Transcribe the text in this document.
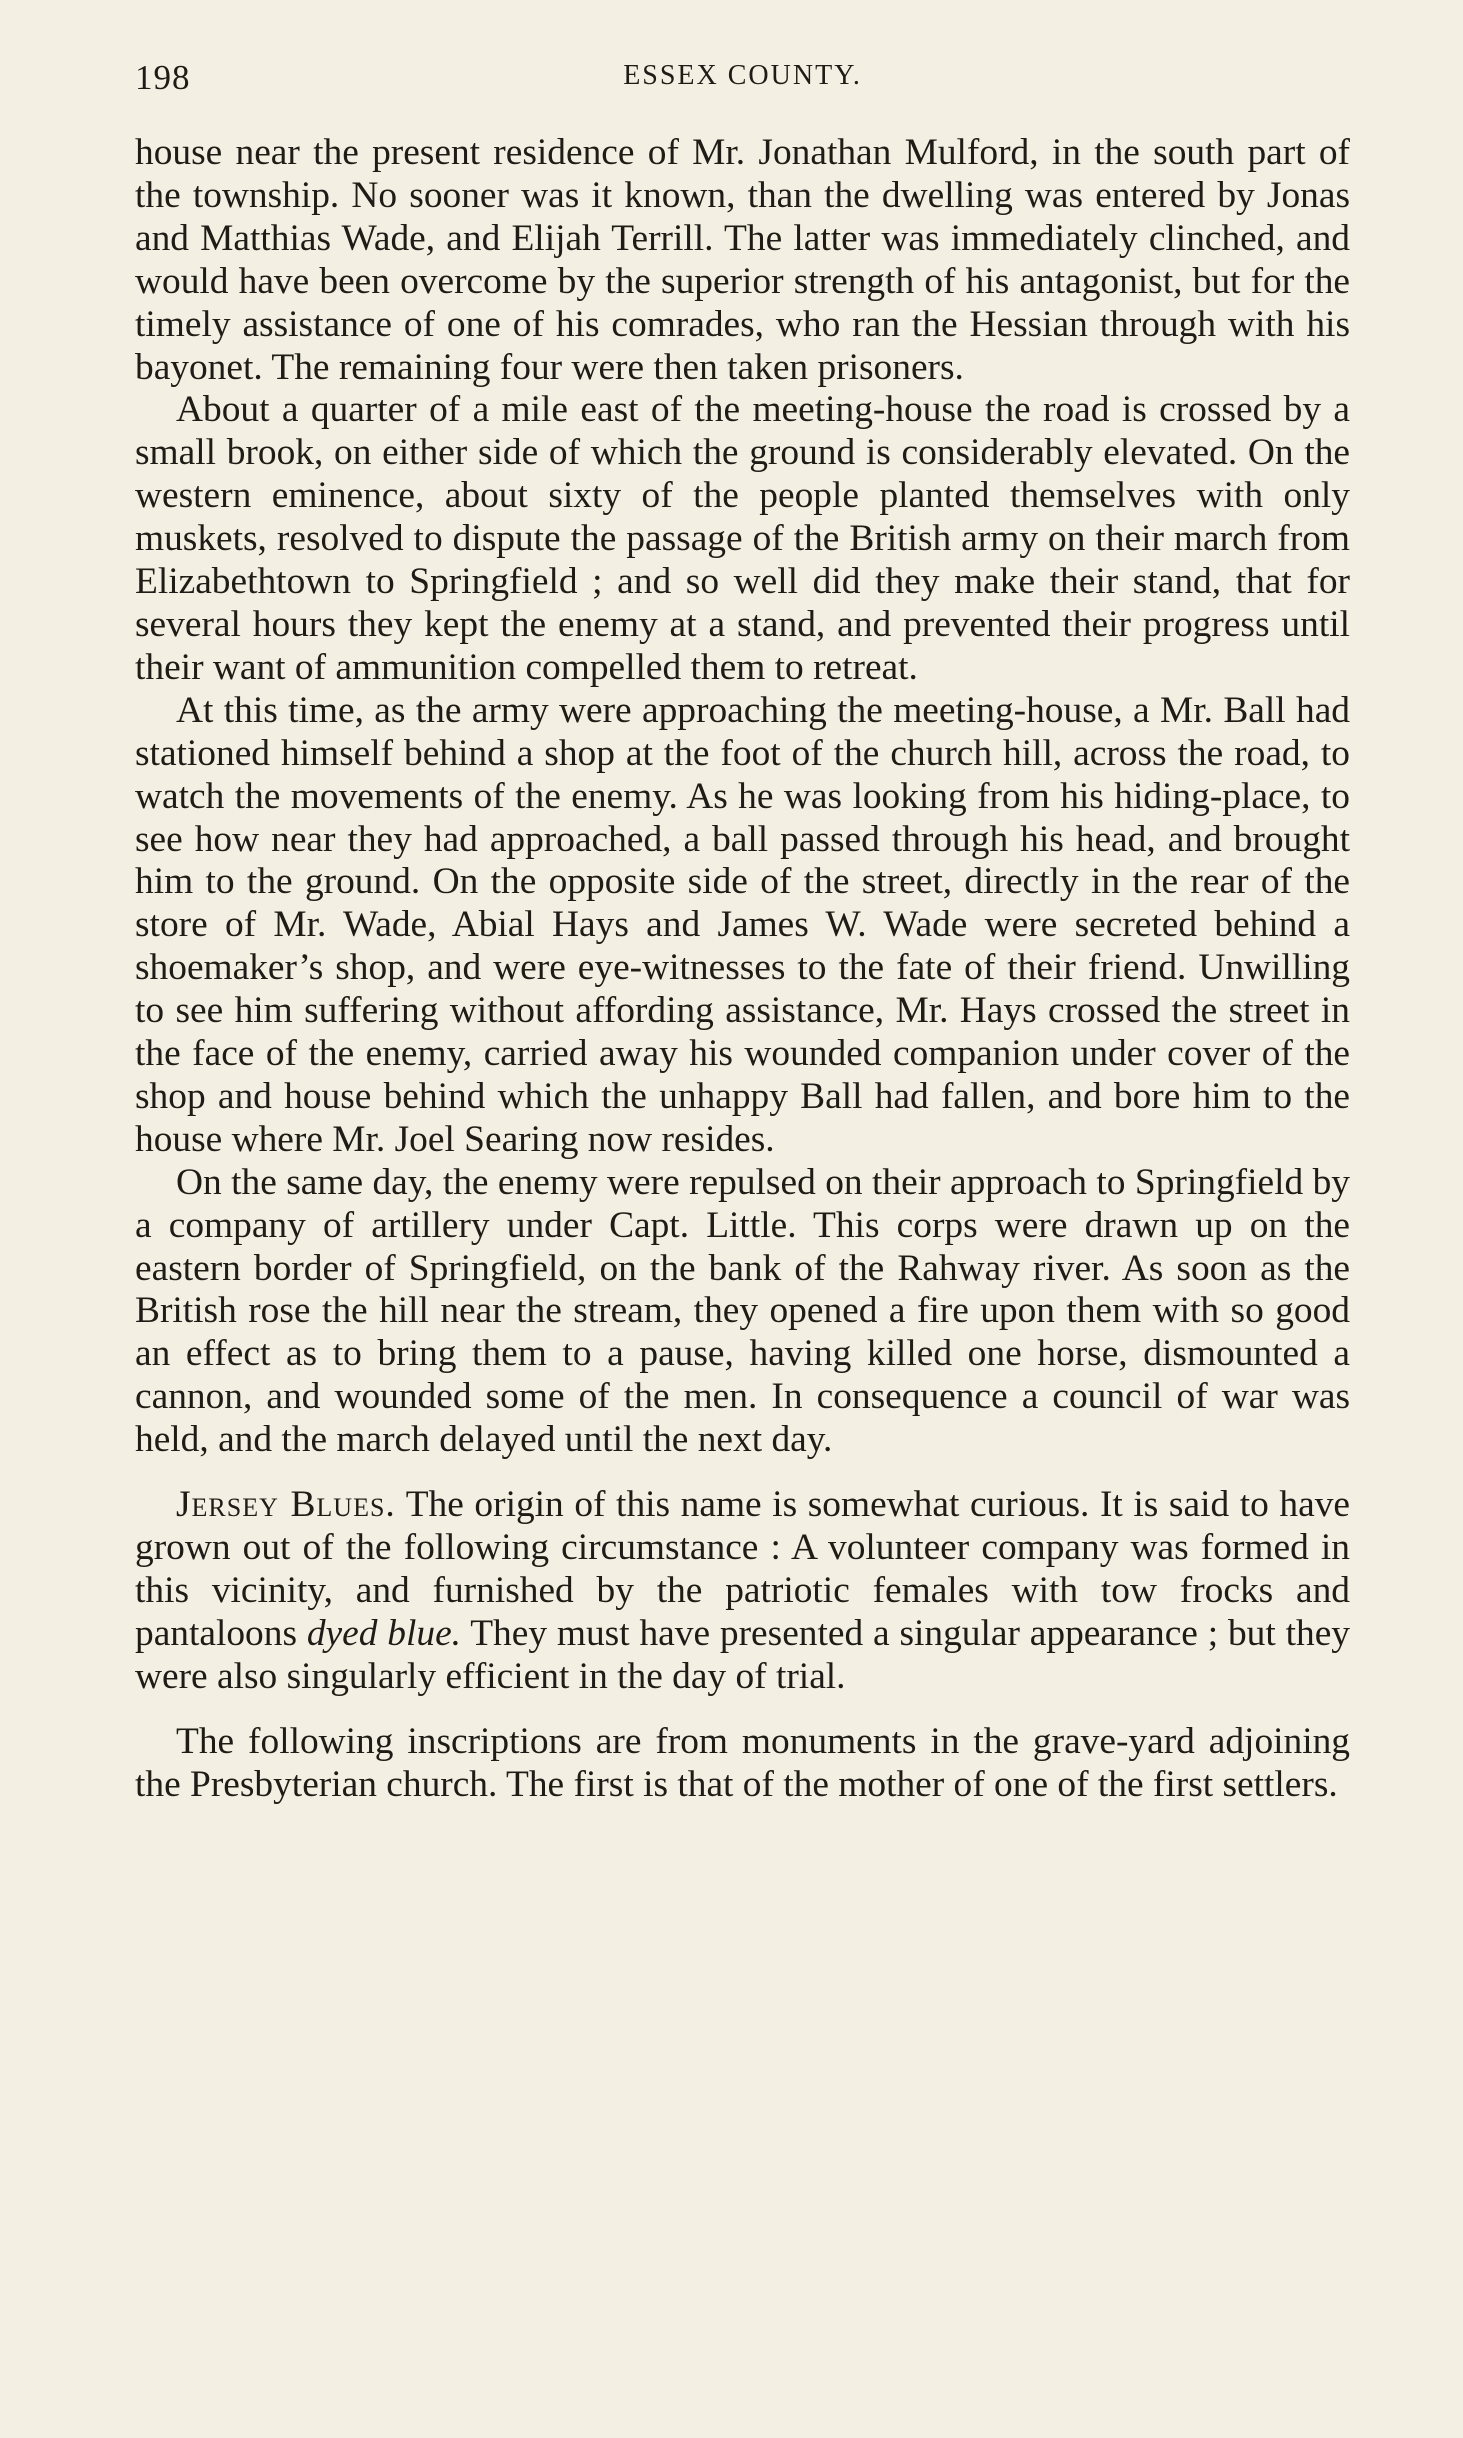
198	ESSEX COUNTY.

house near the present residence of Mr. Jonathan Mulford, in the south part of the township. No sooner was it known, than the dwelling was entered by Jonas and Matthias Wade, and Elijah Terrill. The latter was immediately clinched, and would have been overcome by the superior strength of his antagonist, but for the timely assistance of one of his comrades, who ran the Hessian through with his bayonet. The remaining four were then taken prisoners.

About a quarter of a mile east of the meeting-house the road is crossed by a small brook, on either side of which the ground is considerably elevated. On the western eminence, about sixty of the people planted themselves with only muskets, resolved to dispute the passage of the British army on their march from Elizabethtown to Springfield ; and so well did they make their stand, that for several hours they kept the enemy at a stand, and prevented their progress until their want of ammunition compelled them to retreat.

At this time, as the army were approaching the meeting-house, a Mr. Ball had stationed himself behind a shop at the foot of the church hill, across the road, to watch the movements of the enemy. As he was looking from his hiding-place, to see how near they had approached, a ball passed through his head, and brought him to the ground. On the opposite side of the street, directly in the rear of the store of Mr. Wade, Abial Hays and James W. Wade were secreted behind a shoemaker’s shop, and were eye-witnesses to the fate of their friend. Unwilling to see him suffering without affording assistance, Mr. Hays crossed the street in the face of the enemy, carried away his wounded companion under cover of the shop and house behind which the unhappy Ball had fallen, and bore him to the house where Mr. Joel Searing now resides.

On the same day, the enemy were repulsed on their approach to Springfield by a company of artillery under Capt. Little. This corps were drawn up on the eastern border of Springfield, on the bank of the Rahway river. As soon as the British rose the hill near the stream, they opened a fire upon them with so good an effect as to bring them to a pause, having killed one horse, dismounted a cannon, and wounded some of the men. In consequence a council of war was held, and the march delayed until the next day.

Jersey Blues. The origin of this name is somewhat curious. It is said to have grown out of the following circumstance : A volunteer company was formed in this vicinity, and furnished by the patriotic females with tow frocks and pantaloons dyed blue. They must have presented a singular appearance ; but they were also singularly efficient in the day of trial.

The following inscriptions are from monuments in the grave-yard adjoining the Presbyterian church. The first is that of the mother of one of the first settlers.
